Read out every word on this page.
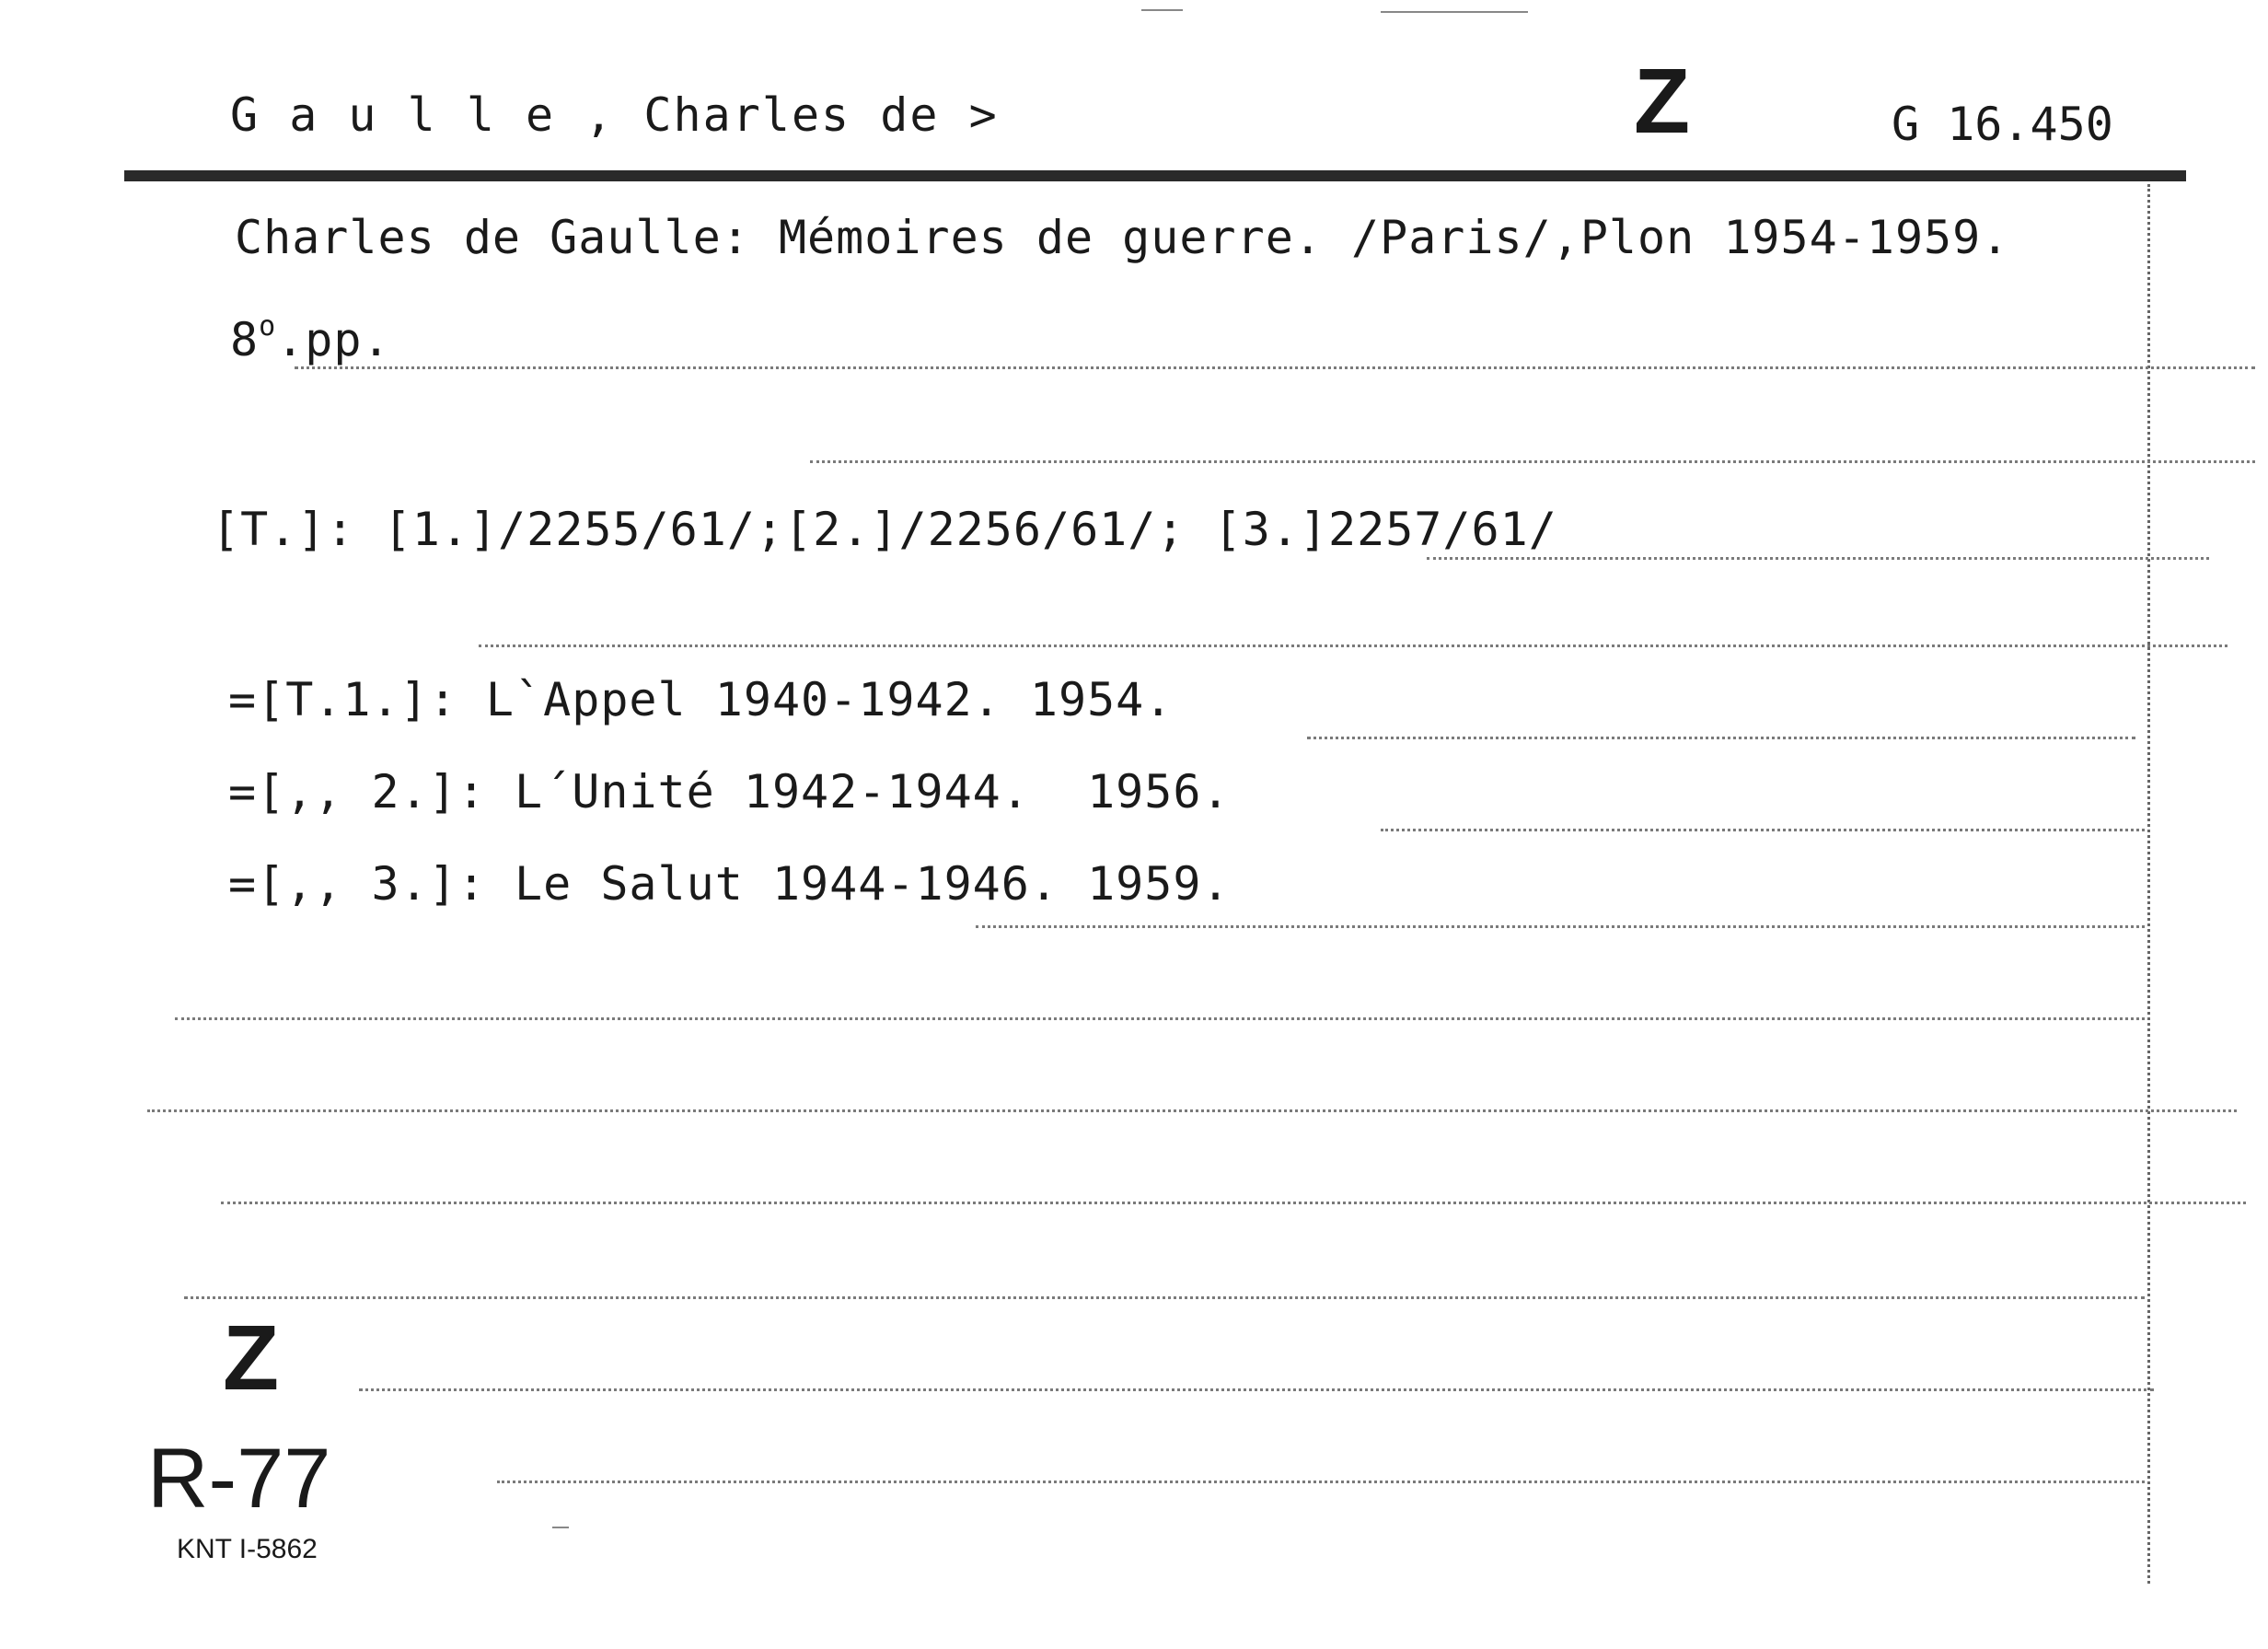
G a u l l e , Charles de >	Z	G 16.450
Charles de Gaulle: Mémoires de guerre. /Paris/,Plon 1954-1959.
8$^o$.pp.
[T.]: [1.]/2255/61/;[2.]/2256/61/; [3.]2257/61/
=[T.1.]: L`Appel 1940-1942. 1954.
=[,, 2.]: L´Unité 1942-1944.  1956.
=[,, 3.]: Le Salut 1944-1946. 1959.
Z
R-77
KNT I-5862
